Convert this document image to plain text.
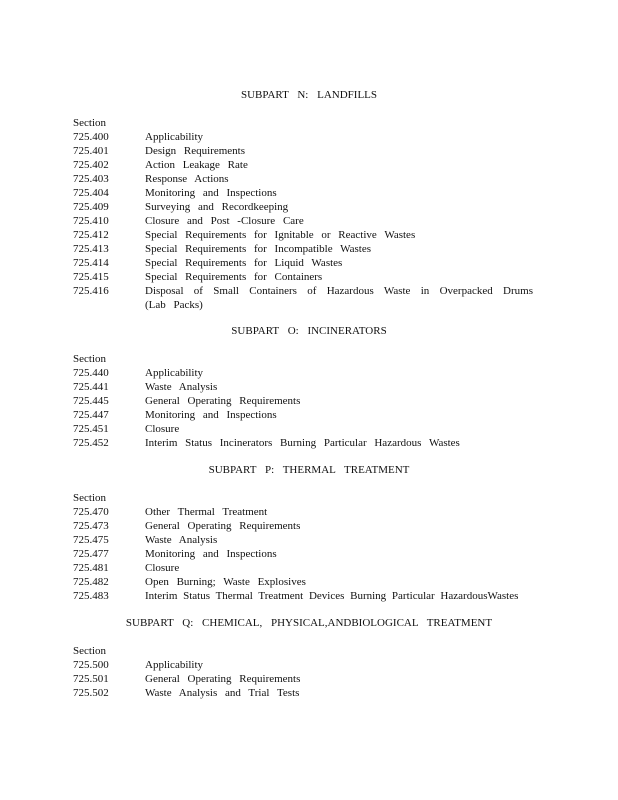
SUBPART N: LANDFILLS
Section
725.400	Applicability
725.401	Design Requirements
725.402	Action Leakage Rate
725.403	Response Actions
725.404	Monitoring and Inspections
725.409	Surveying and Recordkeeping
725.410	Closure and Post -Closure Care
725.412	Special Requirements for Ignitable or Reactive Wastes
725.413	Special Requirements for Incompatible Wastes
725.414	Special Requirements for Liquid Wastes
725.415	Special Requirements for Containers
725.416	Disposal of Small Containers of Hazardous Waste in Overpacked Drums (Lab Packs)
SUBPART O: INCINERATORS
Section
725.440	Applicability
725.441	Waste Analysis
725.445	General Operating Requirements
725.447	Monitoring and Inspections
725.451	Closure
725.452	Interim Status Incinerators Burning Particular Hazardous Wastes
SUBPART P: THERMAL TREATMENT
Section
725.470	Other Thermal Treatment
725.473	General Operating Requirements
725.475	Waste Analysis
725.477	Monitoring and Inspections
725.481	Closure
725.482	Open Burning; Waste Explosives
725.483	Interim Status Thermal Treatment Devices Burning Particular HazardousWastes
SUBPART Q: CHEMICAL, PHYSICAL,ANDBIOLOGICAL TREATMENT
Section
725.500	Applicability
725.501	General Operating Requirements
725.502	Waste Analysis and Trial Tests
